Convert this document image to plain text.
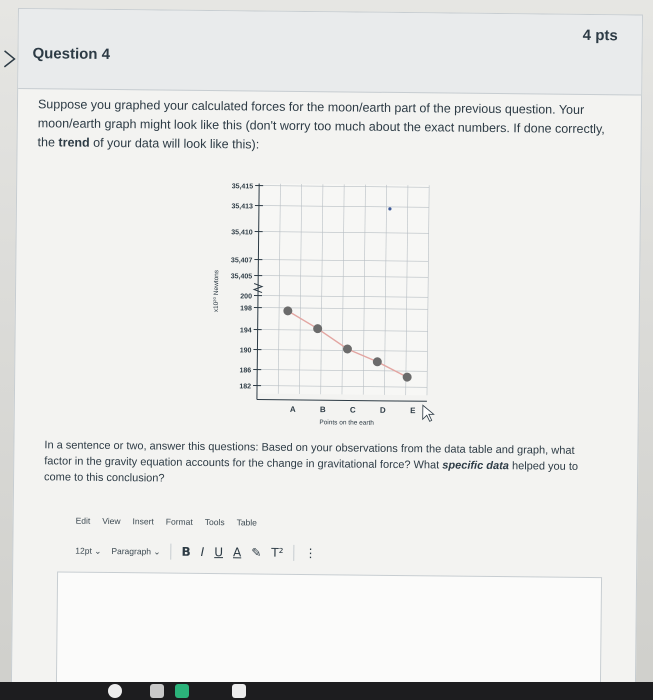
Question 4
4 pts
Suppose you graphed your calculated forces for the moon/earth part of the previous question. Your moon/earth graph might look like this (don't worry too much about the exact numbers. If done correctly, the trend of your data will look like this):
35,415
35,413
35,410
35,407
35,405
200
198
194
190
186
182
x10²⁰ Newtons
A	B	C	D	E
Points on the earth
In a sentence or two, answer this questions: Based on your observations from the data table and graph, what factor in the gravity equation accounts for the change in gravitational force? What specific data helped you to come to this conclusion?
Edit View Insert Format Tools Table
12pt ⌄ Paragraph ⌄ B I U A ✎ T² ⋮
